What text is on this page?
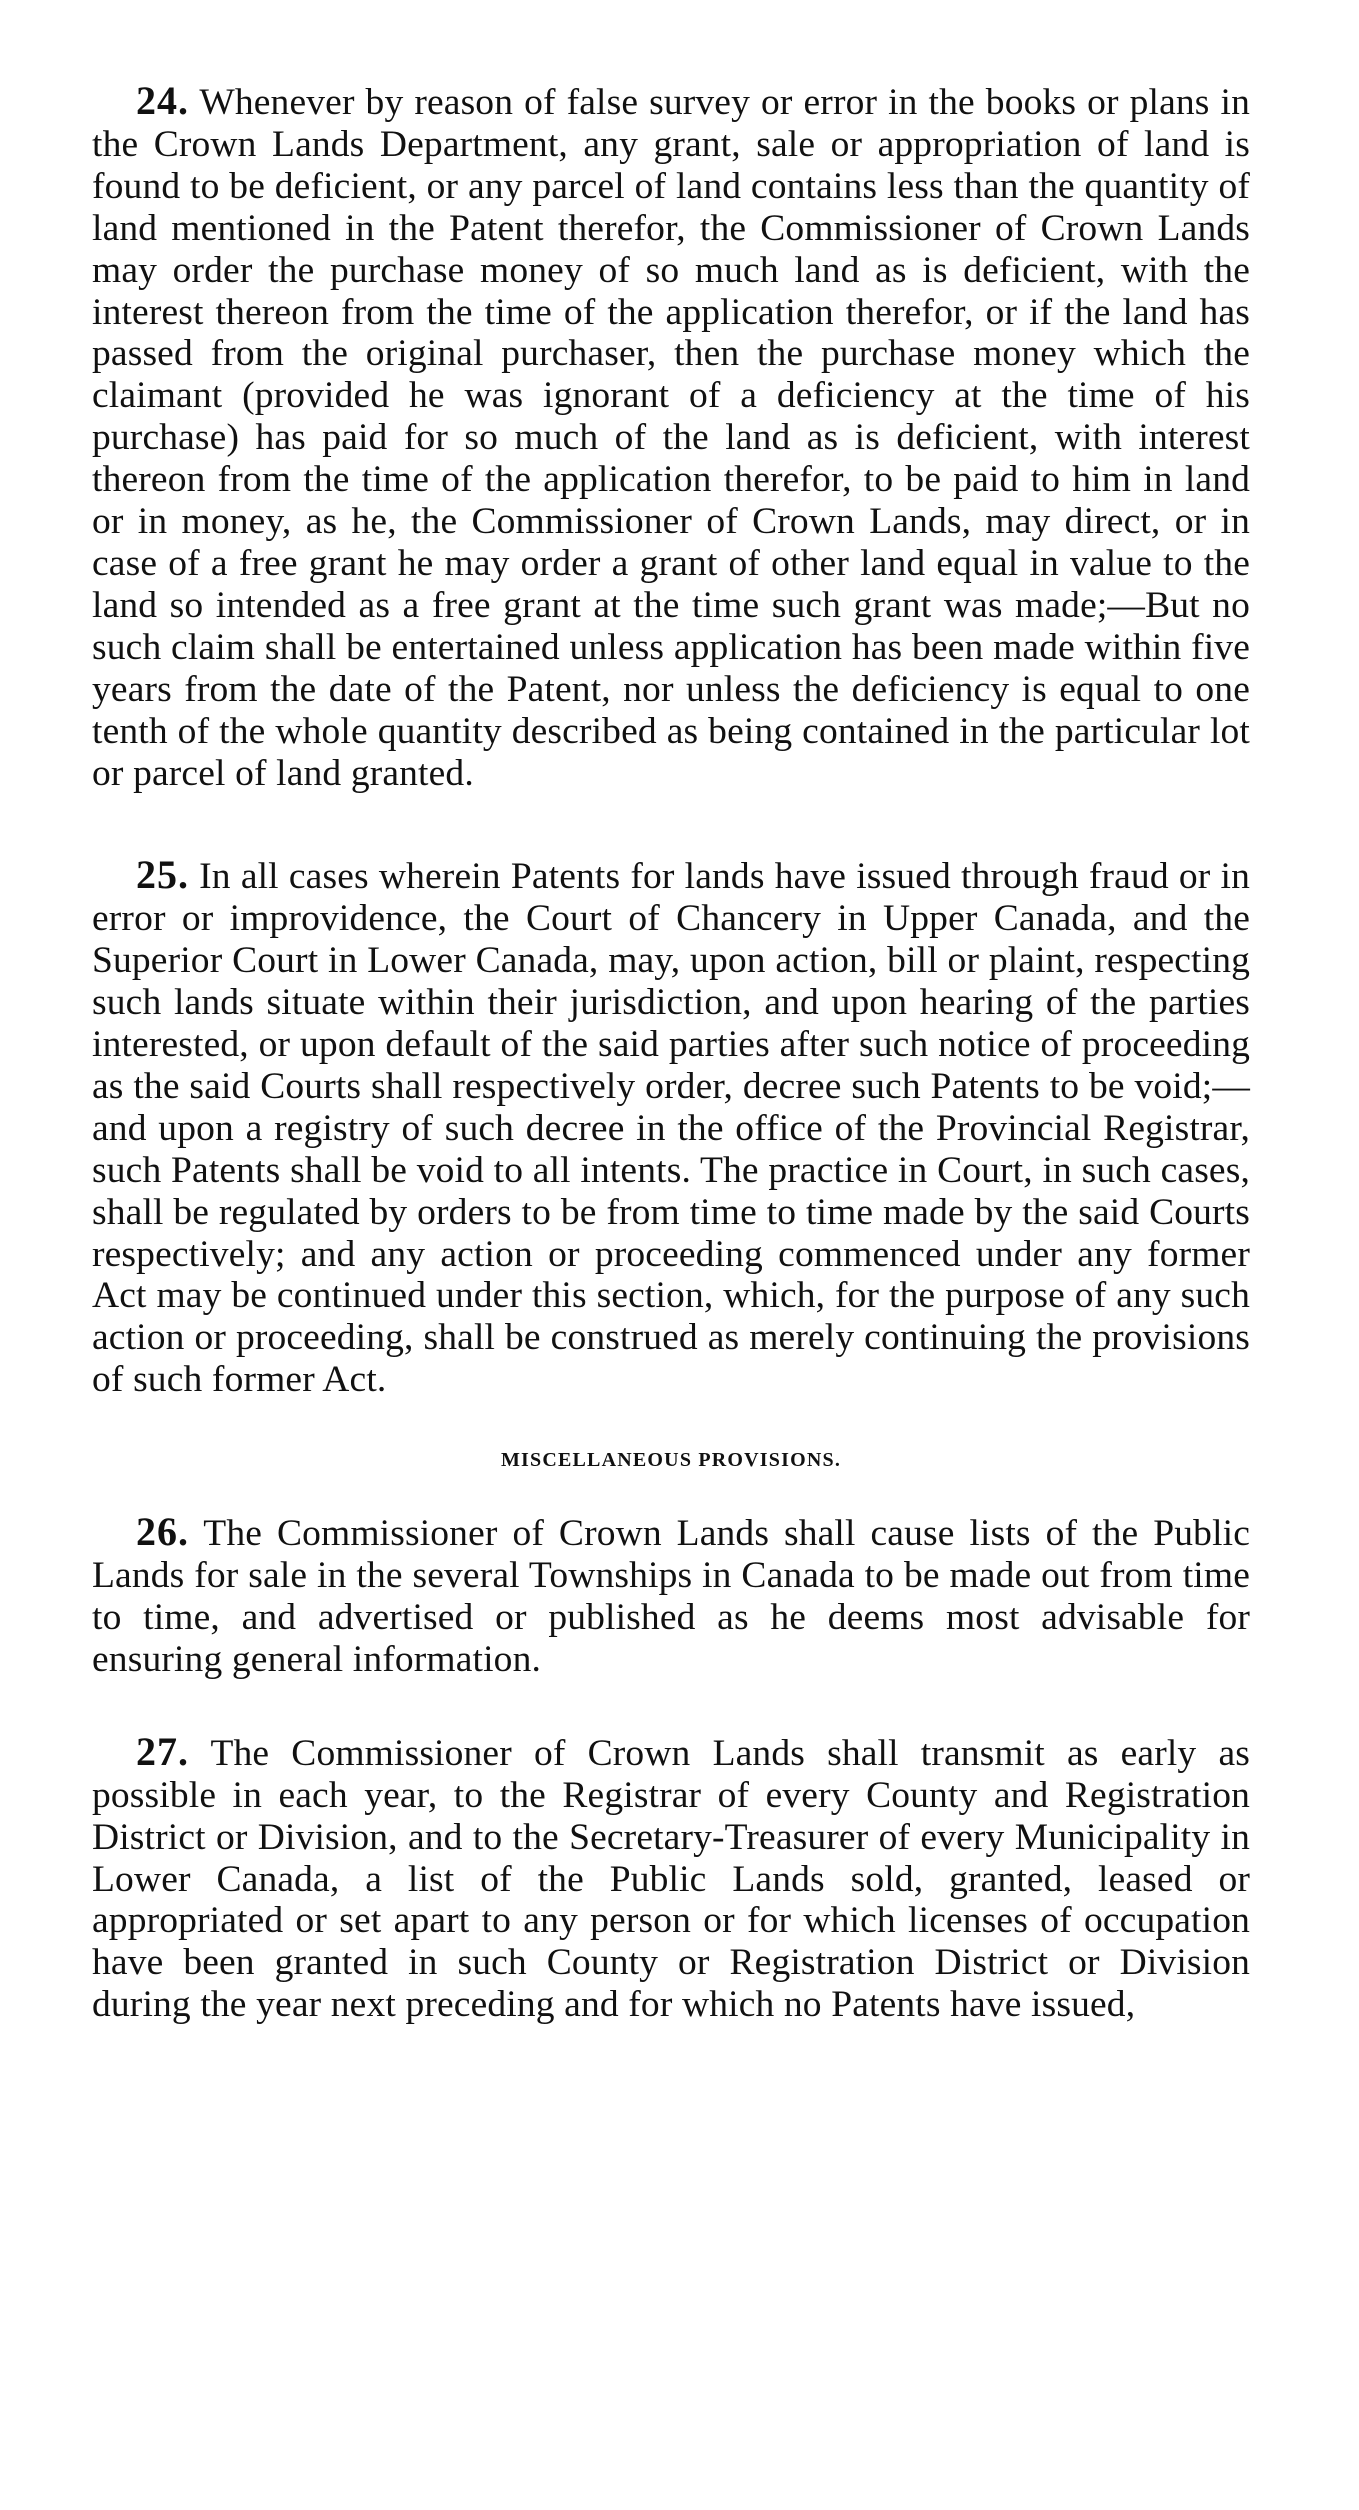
24. Whenever by reason of false survey or error in the books or plans in the Crown Lands Department, any grant, sale or appropriation of land is found to be deficient, or any parcel of land contains less than the quantity of land mentioned in the Patent therefor, the Commissioner of Crown Lands may order the purchase money of so much land as is deficient, with the interest thereon from the time of the application therefor, or if the land has passed from the original purchaser, then the purchase money which the claimant (provided he was ignorant of a deficiency at the time of his purchase) has paid for so much of the land as is deficient, with interest thereon from the time of the application therefor, to be paid to him in land or in money, as he, the Commissioner of Crown Lands, may direct, or in case of a free grant he may order a grant of other land equal in value to the land so intended as a free grant at the time such grant was made;—But no such claim shall be entertained unless application has been made within five years from the date of the Patent, nor unless the deficiency is equal to one tenth of the whole quantity described as being contained in the particular lot or parcel of land granted.

25. In all cases wherein Patents for lands have issued through fraud or in error or improvidence, the Court of Chancery in Upper Canada, and the Superior Court in Lower Canada, may, upon action, bill or plaint, respecting such lands situate within their jurisdiction, and upon hearing of the parties interested, or upon default of the said parties after such notice of proceeding as the said Courts shall respectively order, decree such Patents to be void;—and upon a registry of such decree in the office of the Provincial Registrar, such Patents shall be void to all intents. The practice in Court, in such cases, shall be regulated by orders to be from time to time made by the said Courts respectively; and any action or proceeding commenced under any former Act may be continued under this section, which, for the purpose of any such action or proceeding, shall be construed as merely continuing the provisions of such former Act.

MISCELLANEOUS PROVISIONS.

26. The Commissioner of Crown Lands shall cause lists of the Public Lands for sale in the several Townships in Canada to be made out from time to time, and advertised or published as he deems most advisable for ensuring general information.

27. The Commissioner of Crown Lands shall transmit as early as possible in each year, to the Registrar of every County and Registration District or Division, and to the Secretary-Treasurer of every Municipality in Lower Canada, a list of the Public Lands sold, granted, leased or appropriated or set apart to any person or for which licenses of occupation have been granted in such County or Registration District or Division during the year next preceding and for which no Patents have issued,
